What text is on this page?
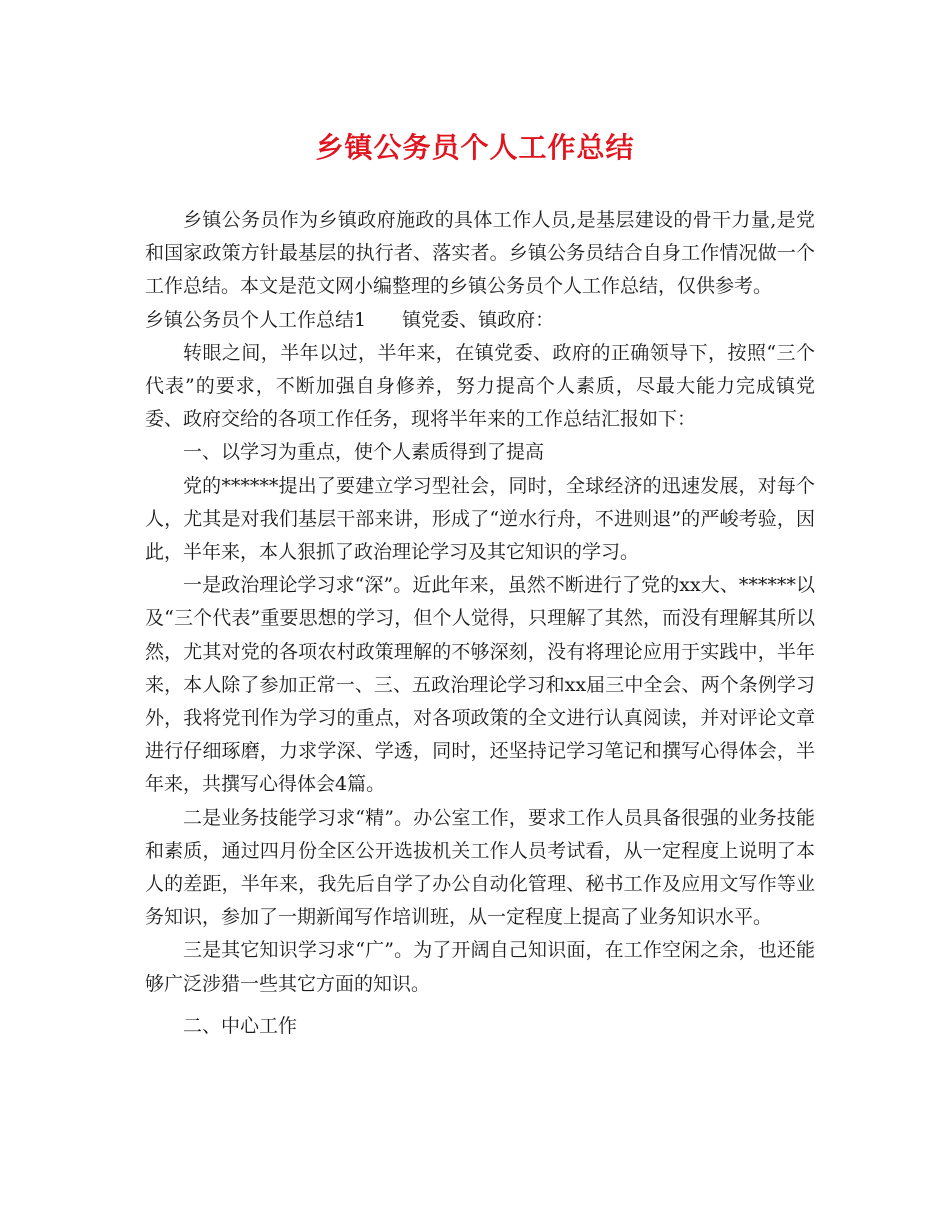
乡镇公务员个人工作总结

乡镇公务员作为乡镇政府施政的具体工作人员,是基层建设的骨干力量,是党和国家政策方针最基层的执行者、落实者。乡镇公务员结合自身工作情况做一个工作总结。本文是范文网小编整理的乡镇公务员个人工作总结，仅供参考。

乡镇公务员个人工作总结1 镇党委、镇政府：

转眼之间，半年以过，半年来，在镇党委、政府的正确领导下，按照“三个代表”的要求，不断加强自身修养，努力提高个人素质，尽最大能力完成镇党委、政府交给的各项工作任务，现将半年来的工作总结汇报如下：

一、以学习为重点，使个人素质得到了提高

党的******提出了要建立学习型社会，同时，全球经济的迅速发展，对每个人，尤其是对我们基层干部来讲，形成了“逆水行舟，不进则退”的严峻考验，因此，半年来，本人狠抓了政治理论学习及其它知识的学习。

一是政治理论学习求“深”。近此年来，虽然不断进行了党的xx大、******以及“三个代表”重要思想的学习，但个人觉得，只理解了其然，而没有理解其所以然，尤其对党的各项农村政策理解的不够深刻，没有将理论应用于实践中，半年来，本人除了参加正常一、三、五政治理论学习和xx届三中全会、两个条例学习外，我将党刊作为学习的重点，对各项政策的全文进行认真阅读，并对评论文章进行仔细琢磨，力求学深、学透，同时，还坚持记学习笔记和撰写心得体会，半年来，共撰写心得体会4篇。

二是业务技能学习求“精”。办公室工作，要求工作人员具备很强的业务技能和素质，通过四月份全区公开选拔机关工作人员考试看，从一定程度上说明了本人的差距，半年来，我先后自学了办公自动化管理、秘书工作及应用文写作等业务知识，参加了一期新闻写作培训班，从一定程度上提高了业务知识水平。

三是其它知识学习求“广”。为了开阔自己知识面，在工作空闲之余，也还能够广泛涉猎一些其它方面的知识。

二、中心工作
